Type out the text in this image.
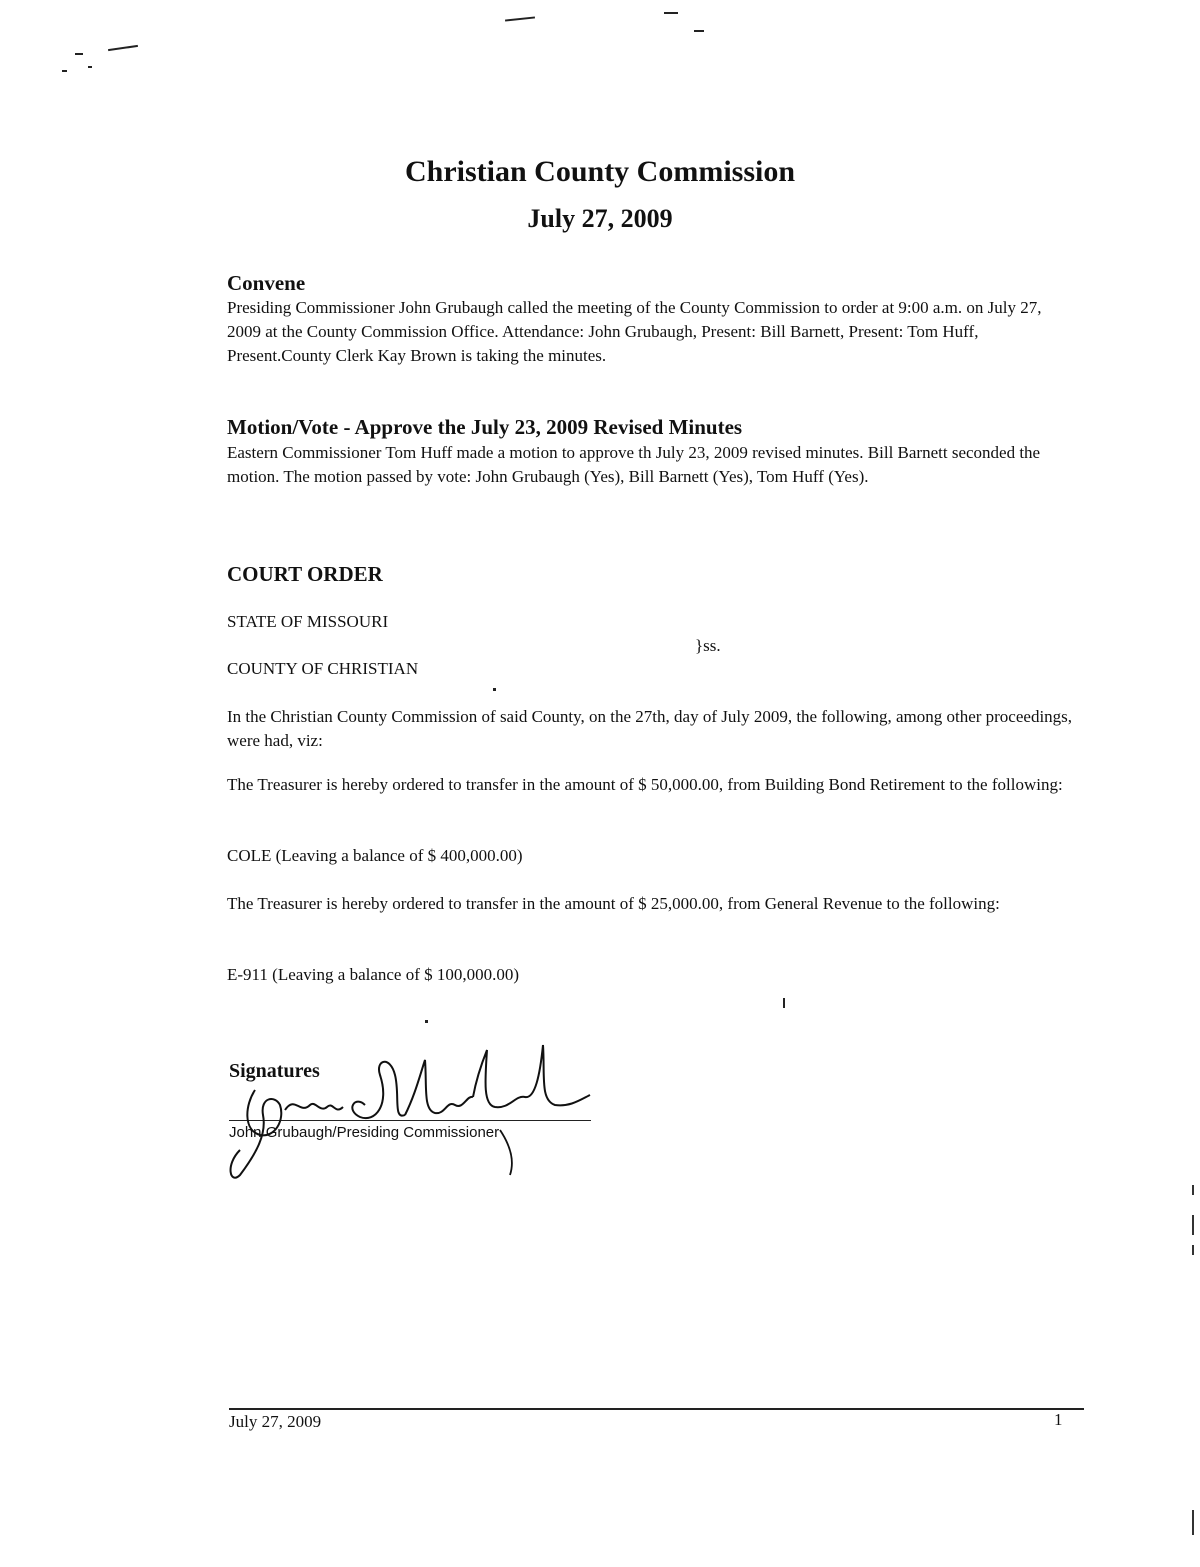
Christian County Commission
July 27, 2009
Convene
Presiding Commissioner John Grubaugh called the meeting of the County Commission to order at 9:00 a.m. on July 27, 2009 at the County Commission Office. Attendance: John Grubaugh, Present: Bill Barnett, Present: Tom Huff, Present.County Clerk Kay Brown is taking the minutes.
Motion/Vote - Approve the July 23, 2009 Revised Minutes
Eastern Commissioner Tom Huff made a motion to approve th July 23, 2009 revised minutes. Bill Barnett seconded the motion. The motion passed by vote: John Grubaugh (Yes), Bill Barnett (Yes), Tom Huff (Yes).
COURT ORDER
STATE OF MISSOURI
}ss.
COUNTY OF CHRISTIAN
In the Christian County Commission of said County, on the 27th, day of July 2009, the following, among other proceedings, were had, viz:
The Treasurer is hereby ordered to transfer in the amount of $ 50,000.00, from Building Bond Retirement to the following:
COLE (Leaving a balance of $ 400,000.00)
The Treasurer is hereby ordered to transfer in the amount of $ 25,000.00, from General Revenue to the following:
E-911 (Leaving a balance of $ 100,000.00)
Signatures
John Grubaugh/Presiding Commissioner
July 27, 2009	1
